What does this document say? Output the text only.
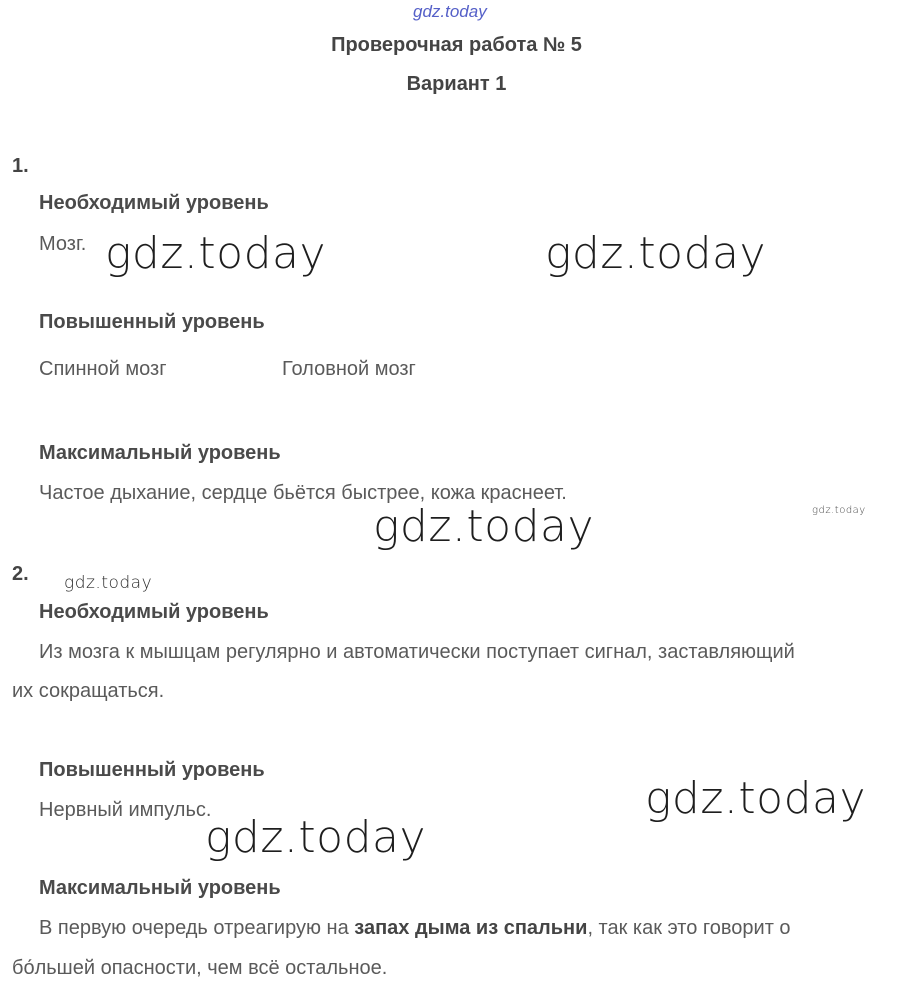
gdz.today
Проверочная работа № 5
Вариант 1
1.
Необходимый уровень
Мозг.
Повышенный уровень
Спинной мозг	Головной мозг
Максимальный уровень
Частое дыхание, сердце бьётся быстрее, кожа краснеет.
2.
Необходимый уровень
Из мозга к мышцам регулярно и автоматически поступает сигнал, заставляющий
их сокращаться.
Повышенный уровень
Нервный импульс.
Максимальный уровень
В первую очередь отреагирую на запах дыма из спальни, так как это говорит о
бо́льшей опасности, чем всё остальное.
gdz.today	gdz.today
gdz.today	gdz.today
gdz.today
gdz.today
gdz.today
